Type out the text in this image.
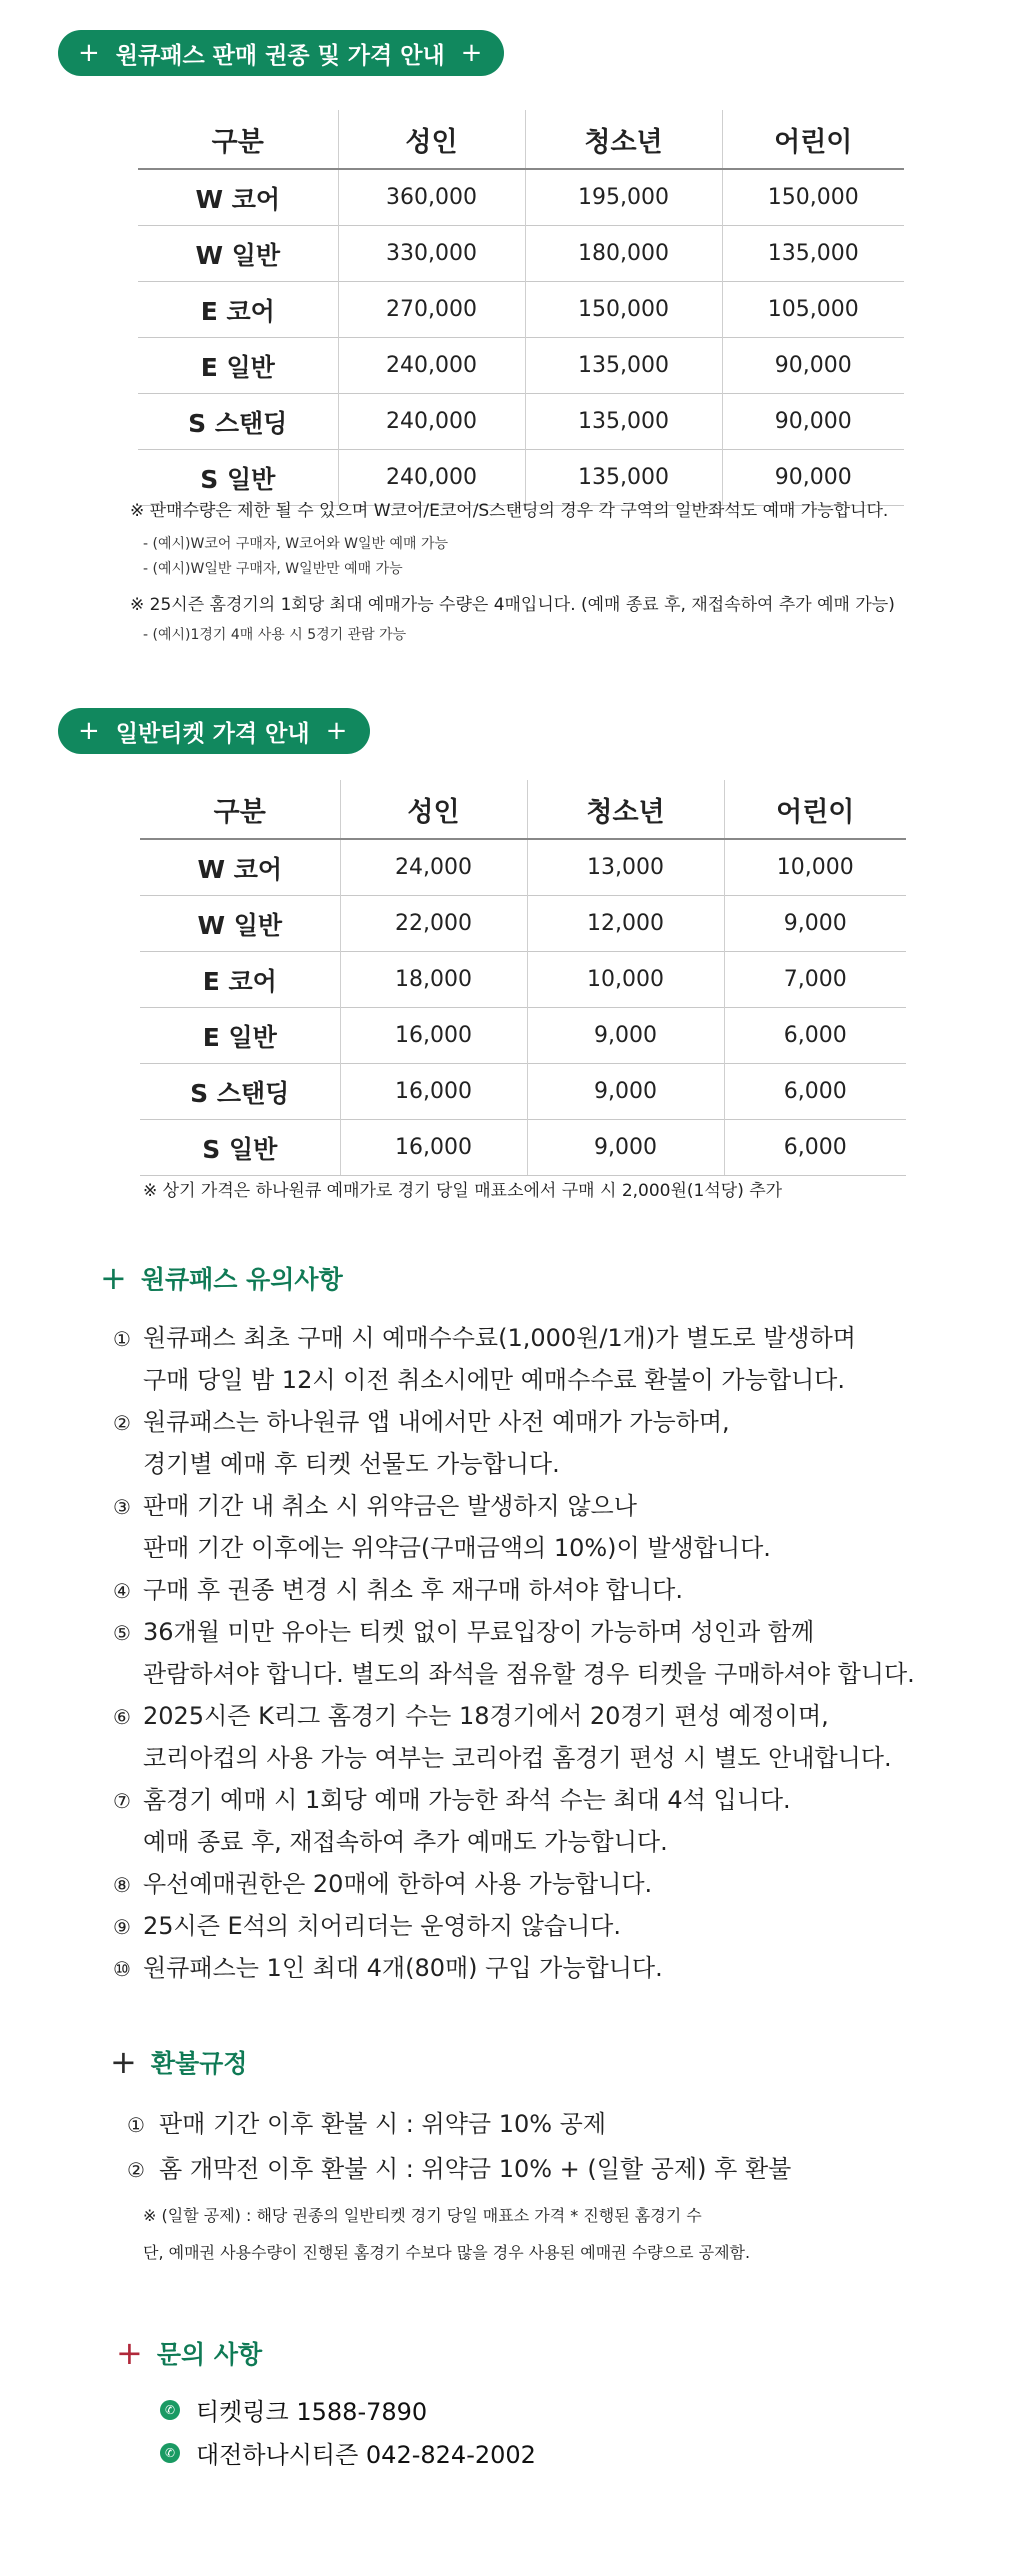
+ 원큐패스 판매 권종 및 가격 안내 +
구분	성인	청소년	어린이
W 코어	360,000	195,000	150,000
W 일반	330,000	180,000	135,000
E 코어	270,000	150,000	105,000
E 일반	240,000	135,000	90,000
S 스탠딩	240,000	135,000	90,000
S 일반	240,000	135,000	90,000
※ 판매수량은 제한 될 수 있으며 W코어/E코어/S스탠딩의 경우 각 구역의 일반좌석도 예매 가능합니다.
- (예시)W코어 구매자, W코어와 W일반 예매 가능
- (예시)W일반 구매자, W일반만 예매 가능
※ 25시즌 홈경기의 1회당 최대 예매가능 수량은 4매입니다. (예매 종료 후, 재접속하여 추가 예매 가능)
- (예시)1경기 4매 사용 시 5경기 관람 가능
+ 일반티켓 가격 안내 +
구분	성인	청소년	어린이
W 코어	24,000	13,000	10,000
W 일반	22,000	12,000	9,000
E 코어	18,000	10,000	7,000
E 일반	16,000	9,000	6,000
S 스탠딩	16,000	9,000	6,000
S 일반	16,000	9,000	6,000
※ 상기 가격은 하나원큐 예매가로 경기 당일 매표소에서 구매 시 2,000원(1석당) 추가
+ 원큐패스 유의사항
① 원큐패스 최초 구매 시 예매수수료(1,000원/1개)가 별도로 발생하며
구매 당일 밤 12시 이전 취소시에만 예매수수료 환불이 가능합니다.
② 원큐패스는 하나원큐 앱 내에서만 사전 예매가 가능하며,
경기별 예매 후 티켓 선물도 가능합니다.
③ 판매 기간 내 취소 시 위약금은 발생하지 않으나
판매 기간 이후에는 위약금(구매금액의 10%)이 발생합니다.
④ 구매 후 권종 변경 시 취소 후 재구매 하셔야 합니다.
⑤ 36개월 미만 유아는 티켓 없이 무료입장이 가능하며 성인과 함께
관람하셔야 합니다. 별도의 좌석을 점유할 경우 티켓을 구매하셔야 합니다.
⑥ 2025시즌 K리그 홈경기 수는 18경기에서 20경기 편성 예정이며,
코리아컵의 사용 가능 여부는 코리아컵 홈경기 편성 시 별도 안내합니다.
⑦ 홈경기 예매 시 1회당 예매 가능한 좌석 수는 최대 4석 입니다.
예매 종료 후, 재접속하여 추가 예매도 가능합니다.
⑧ 우선예매권한은 20매에 한하여 사용 가능합니다.
⑨ 25시즌 E석의 치어리더는 운영하지 않습니다.
⑩ 원큐패스는 1인 최대 4개(80매) 구입 가능합니다.
+ 환불규정
① 판매 기간 이후 환불 시 : 위약금 10% 공제
② 홈 개막전 이후 환불 시 : 위약금 10% + (일할 공제) 후 환불
※ (일할 공제) : 해당 권종의 일반티켓 경기 당일 매표소 가격 * 진행된 홈경기 수
단, 예매권 사용수량이 진행된 홈경기 수보다 많을 경우 사용된 예매권 수량으로 공제함.
+ 문의 사항
✆ 티켓링크 1588-7890
✆ 대전하나시티즌 042-824-2002
